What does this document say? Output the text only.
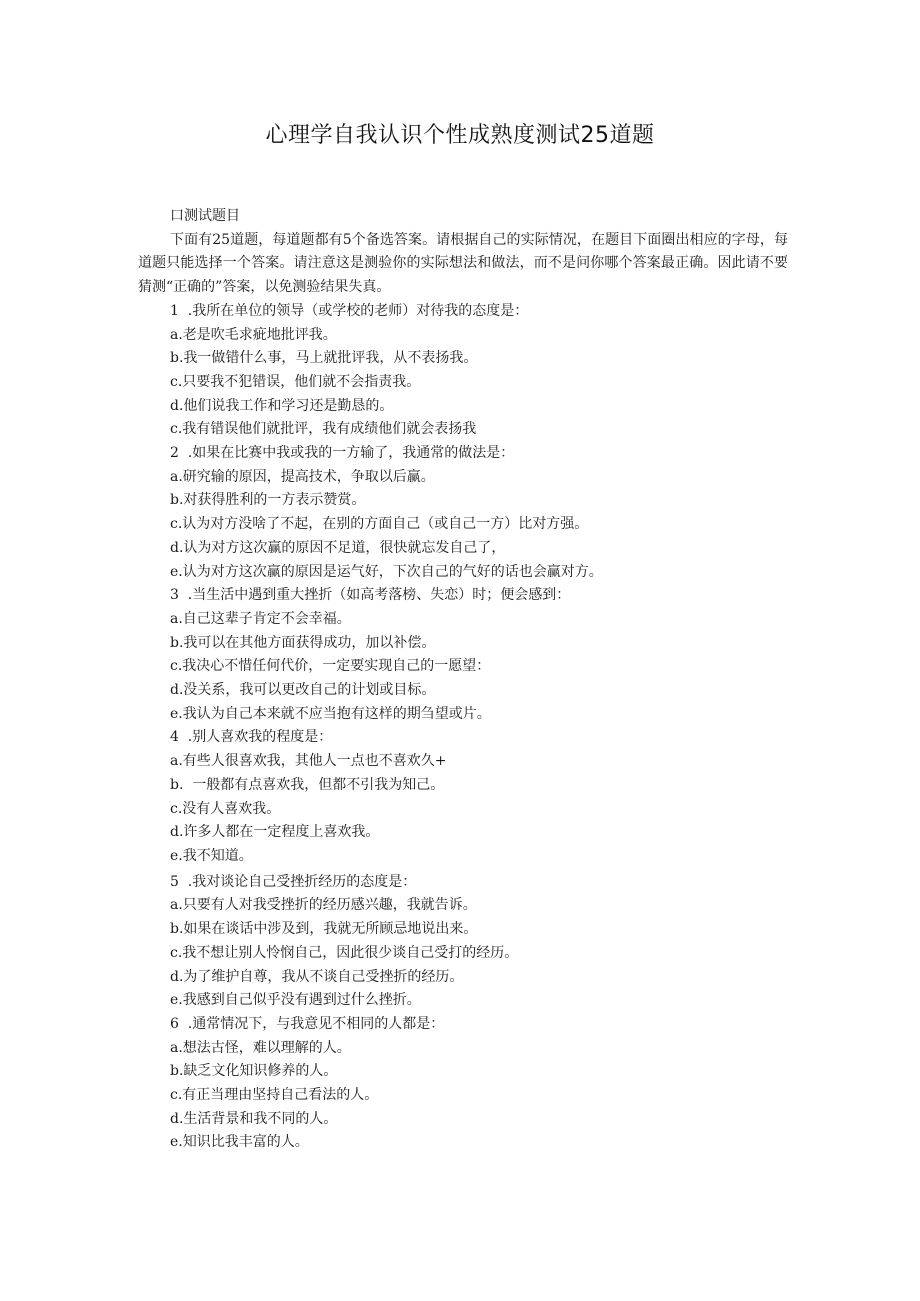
心理学自我认识个性成熟度测试25道题
口测试题目

下面有25道题，每道题都有5个备选答案。请根据自己的实际情况，在题目下面圈出相应的字母，每道题只能选择一个答案。请注意这是测验你的实际想法和做法，而不是问你哪个答案最正确。因此请不要猜测“正确的”答案，以免测验结果失真。

1  .我所在单位的领导（或学校的老师）对待我的态度是：
a.老是吹毛求疵地批评我。
b.我一做错什么事，马上就批评我，从不表扬我。
c.只要我不犯错误，他们就不会指责我。
d.他们说我工作和学习还是勤恳的。
c.我有错误他们就批评，我有成绩他们就会表扬我
2  .如果在比赛中我或我的一方输了，我通常的做法是：
a.研究输的原因，提高技术，争取以后赢。
b.对获得胜利的一方表示赞赏。
c.认为对方没啥了不起，在别的方面自己（或自己一方）比对方强。
d.认为对方这次赢的原因不足道，很快就忘发自己了，
e.认为对方这次赢的原因是运气好，下次自己的气好的话也会赢对方。
3  .当生活中遇到重大挫折（如高考落榜、失恋）时；便会感到：
a.自己这辈子肯定不会幸福。
b.我可以在其他方面获得成功，加以补偿。
c.我决心不惜任何代价，一定要实现自己的一愿望：
d.没关系，我可以更改自己的计划或目标。
e.我认为自己本来就不应当抱有这样的期刍望或片。
4  .别人喜欢我的程度是：
a.有些人很喜欢我，其他人一点也不喜欢久+
b.  一般都有点喜欢我，但都不引我为知己。
c.没有人喜欢我。
d.许多人都在一定程度上喜欢我。
e.我不知道。
5  .我对谈论自己受挫折经历的态度是：
a.只要有人对我受挫折的经历感兴趣，我就告诉。
b.如果在谈话中涉及到，我就无所顾忌地说出来。
c.我不想让别人怜悯自己，因此很少谈自己受打的经历。
d.为了维护自尊，我从不谈自己受挫折的经历。
e.我感到自己似乎没有遇到过什么挫折。
6  .通常情况下，与我意见不相同的人都是：
a.想法古怪，难以理解的人。
b.缺乏文化知识修养的人。
c.有正当理由坚持自己看法的人。
d.生活背景和我不同的人。
e.知识比我丰富的人。
